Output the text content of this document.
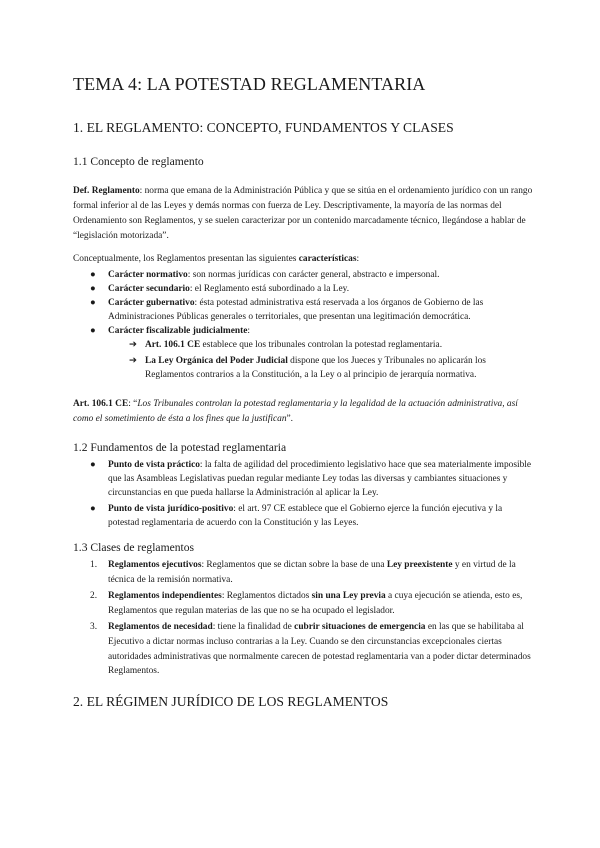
TEMA 4: LA POTESTAD REGLAMENTARIA
1. EL REGLAMENTO: CONCEPTO, FUNDAMENTOS Y CLASES
1.1 Concepto de reglamento

Def. Reglamento: norma que emana de la Administración Pública y que se sitúa en el ordenamiento jurídico con un rango formal inferior al de las Leyes y demás normas con fuerza de Ley. Descriptivamente, la mayoría de las normas del Ordenamiento son Reglamentos, y se suelen caracterizar por un contenido marcadamente técnico, llegándose a hablar de “legislación motorizada”.

Conceptualmente, los Reglamentos presentan las siguientes características:

● Carácter normativo: son normas jurídicas con carácter general, abstracto e impersonal.
● Carácter secundario: el Reglamento está subordinado a la Ley.
● Carácter gubernativo: ésta potestad administrativa está reservada a los órganos de Gobierno de las Administraciones Públicas generales o territoriales, que presentan una legitimación democrática.
● Carácter fiscalizable judicialmente:
➔ Art. 106.1 CE establece que los tribunales controlan la potestad reglamentaria.
➔ La Ley Orgánica del Poder Judicial dispone que los Jueces y Tribunales no aplicarán los Reglamentos contrarios a la Constitución, a la Ley o al principio de jerarquía normativa.

Art. 106.1 CE: “Los Tribunales controlan la potestad reglamentaria y la legalidad de la actuación administrativa, así como el sometimiento de ésta a los fines que la justifican”.

1.2 Fundamentos de la potestad reglamentaria
● Punto de vista práctico: la falta de agilidad del procedimiento legislativo hace que sea materialmente imposible que las Asambleas Legislativas puedan regular mediante Ley todas las diversas y cambiantes situaciones y circunstancias en que pueda hallarse la Administración al aplicar la Ley.
● Punto de vista jurídico-positivo: el art. 97 CE establece que el Gobierno ejerce la función ejecutiva y la potestad reglamentaria de acuerdo con la Constitución y las Leyes.
1.3 Clases de reglamentos
1. Reglamentos ejecutivos: Reglamentos que se dictan sobre la base de una Ley preexistente y en virtud de la técnica de la remisión normativa.
2. Reglamentos independientes: Reglamentos dictados sin una Ley previa a cuya ejecución se atienda, esto es, Reglamentos que regulan materias de las que no se ha ocupado el legislador.
3. Reglamentos de necesidad: tiene la finalidad de cubrir situaciones de emergencia en las que se habilitaba al Ejecutivo a dictar normas incluso contrarias a la Ley. Cuando se den circunstancias excepcionales ciertas autoridades administrativas que normalmente carecen de potestad reglamentaria van a poder dictar determinados Reglamentos.
2. EL RÉGIMEN JURÍDICO DE LOS REGLAMENTOS
